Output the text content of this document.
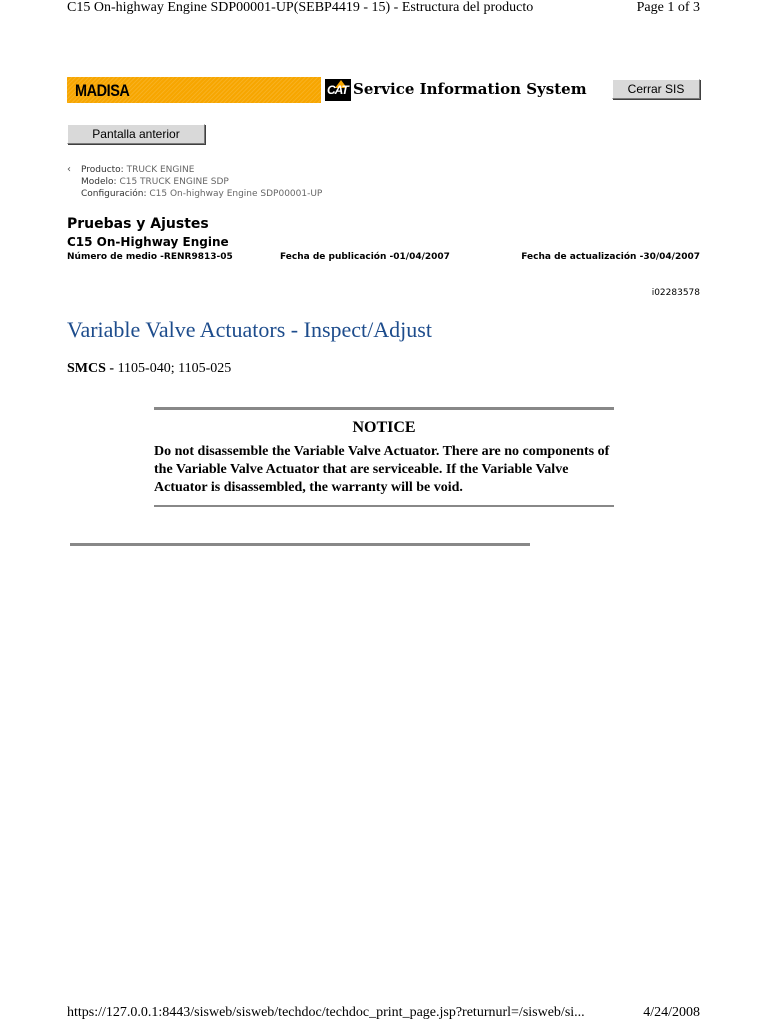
C15 On-highway Engine SDP00001-UP(SEBP4419 - 15) - Estructura del producto	Page 1 of 3
MADISA	CAT Service Information System	Cerrar SIS
Pantalla anterior
‹ Producto: TRUCK ENGINE
Modelo: C15 TRUCK ENGINE SDP
Configuración: C15 On-highway Engine SDP00001-UP
Pruebas y Ajustes
C15 On-Highway Engine
Número de medio -RENR9813-05	Fecha de publicación -01/04/2007	Fecha de actualización -30/04/2007
i02283578
Variable Valve Actuators - Inspect/Adjust
SMCS - 1105-040; 1105-025
NOTICE
Do not disassemble the Variable Valve Actuator. There are no components of the Variable Valve Actuator that are serviceable. If the Variable Valve Actuator is disassembled, the warranty will be void.
https://127.0.0.1:8443/sisweb/sisweb/techdoc/techdoc_print_page.jsp?returnurl=/sisweb/si...	4/24/2008
